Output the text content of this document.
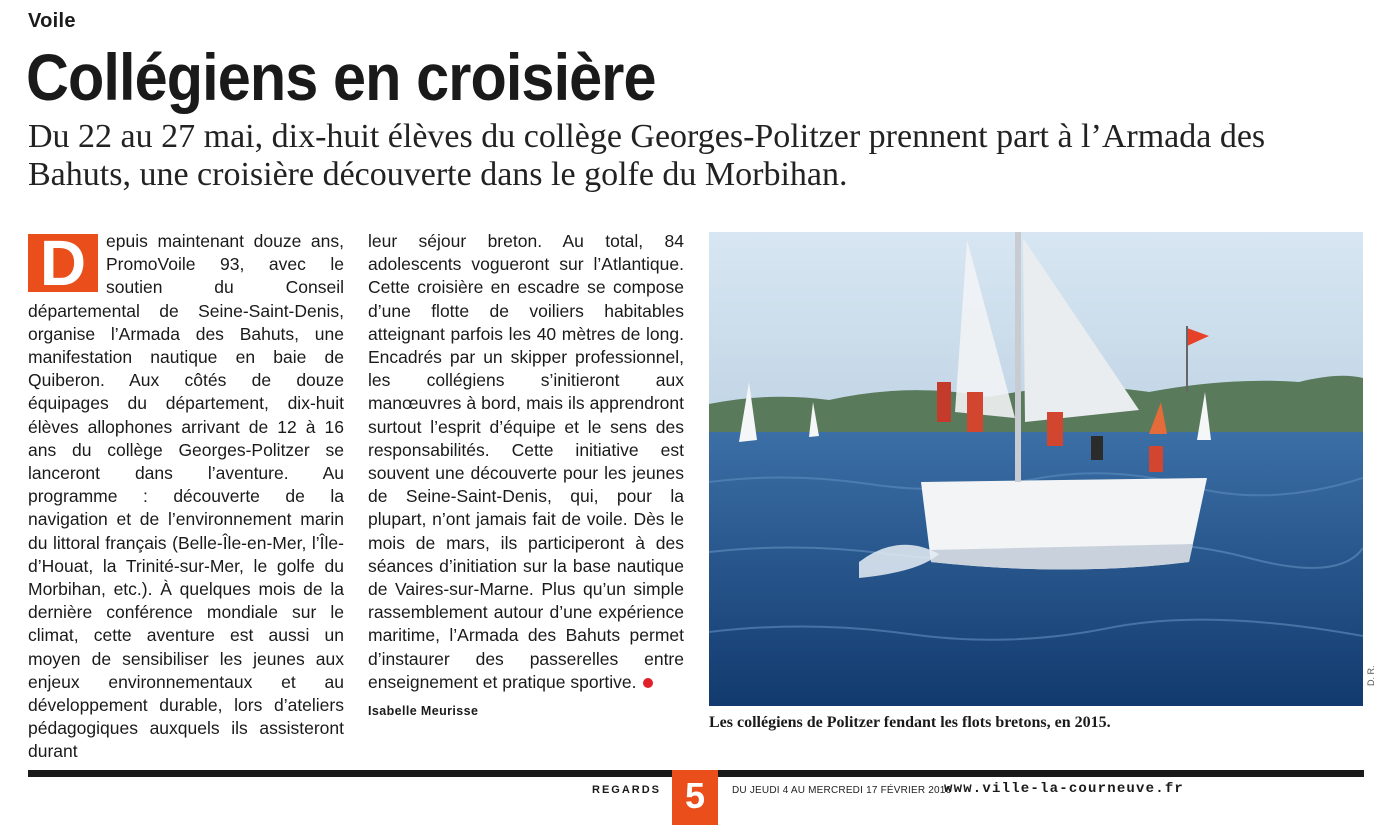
Voile
Collégiens en croisière
Du 22 au 27 mai, dix-huit élèves du collège Georges-Politzer prennent part à l’Armada des Bahuts, une croisière découverte dans le golfe du Morbihan.
D	epuis maintenant douze ans, PromoVoile 93, avec le soutien du Conseil départemental de Seine-Saint-Denis, organise l’Armada des Bahuts, une manifestation nautique en baie de Quiberon. Aux côtés de douze équipages du département, dix-huit élèves allophones arrivant de 12 à 16 ans du collège Georges-Politzer se lanceront dans l’aventure. Au programme : découverte de la navigation et de l’environnement marin du littoral français (Belle-Île-en-Mer, l’Île-d’Houat, la Trinité-sur-Mer, le golfe du Morbihan, etc.). À quelques mois de la dernière conférence mondiale sur le climat, cette aventure est aussi un moyen de sensibiliser les jeunes aux enjeux environnementaux et au développement durable, lors d’ateliers pédagogiques auxquels ils assisteront durant
leur séjour breton. Au total, 84 adolescents vogueront sur l’Atlantique. Cette croisière en escadre se compose d’une flotte de voiliers habitables atteignant parfois les 40 mètres de long. Encadrés par un skipper professionnel, les collégiens s’initieront aux manœuvres à bord, mais ils apprendront surtout l’esprit d’équipe et le sens des responsabilités. Cette initiative est souvent une découverte pour les jeunes de Seine-Saint-Denis, qui, pour la plupart, n’ont jamais fait de voile. Dès le mois de mars, ils participeront à des séances d’initiation sur la base nautique de Vaires-sur-Marne. Plus qu’un simple rassemblement autour d’une expérience maritime, l’Armada des Bahuts permet d’instaurer des passerelles entre enseignement et pratique sportive.
Isabelle Meurisse
D. R.
Les collégiens de Politzer fendant les flots bretons, en 2015.
REGARDS 5	DU JEUDI 4 AU MERCREDI 17 FÉVRIER 2016
www.ville-la-courneuve.fr
